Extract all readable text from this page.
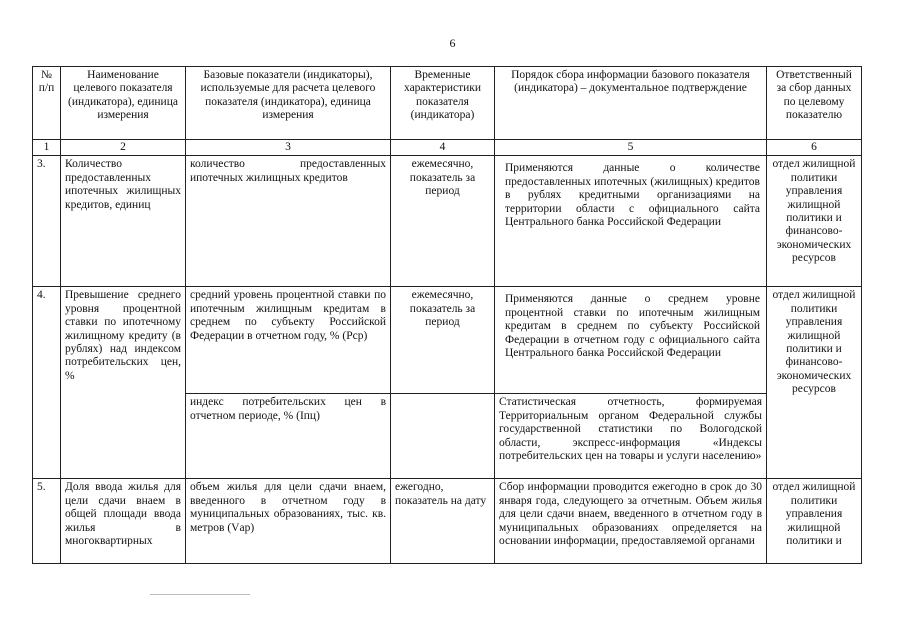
6
№ п/п	Наименование целевого показателя (индикатора), единица измерения	Базовые показатели (индикаторы), используемые для расчета целевого показателя (индикатора), единица измерения	Временные характеристики показателя (индикатора)	Порядок сбора информации базового показателя (индикатора) – документальное подтверждение	Ответственный за сбор данных по целевому показателю
1	2	3	4	5	6
3.	Количество предоставленных ипотечных жилищных кредитов, единиц	количество предоставленных ипотечных жилищных кредитов	ежемесячно, показатель за период	Применяются данные о количестве предоставленных ипотечных (жилищных) кредитов в рублях кредитными организациями на территории области с официального сайта Центрального банка Российской Федерации	отдел жилищной политики управления жилищной политики и финансово-экономических ресурсов
4.	Превышение среднего уровня процентной ставки по ипотечному жилищному кредиту (в рублях) над индексом потребительских цен, %	средний уровень процентной ставки по ипотечным жилищным кредитам в среднем по субъекту Российской Федерации в отчетном году, % (Рср)	ежемесячно, показатель за период	Применяются данные о среднем уровне процентной ставки по ипотечным жилищным кредитам в среднем по субъекту Российской Федерации в отчетном году с официального сайта Центрального банка Российской Федерации	отдел жилищной политики управления жилищной политики и финансово-экономических ресурсов
		индекс потребительских цен в отчетном периоде, % (Iпц)		Статистическая отчетность, формируемая Территориальным органом Федеральной службы государственной статистики по Вологодской области, экспресс-информация «Индексы потребительских цен на товары и услуги населению»	
5.	Доля ввода жилья для цели сдачи внаем в общей площади ввода жилья в многоквартирных	объем жилья для цели сдачи внаем, введенного в отчетном году в муниципальных образованиях, тыс. кв. метров (Vар)	ежегодно, показатель на дату	Сбор информации проводится ежегодно в срок до 30 января года, следующего за отчетным. Объем жилья для цели сдачи внаем, введенного в отчетном году в муниципальных образованиях определяется на основании информации, предоставляемой органами	отдел жилищной политики управления жилищной политики и
